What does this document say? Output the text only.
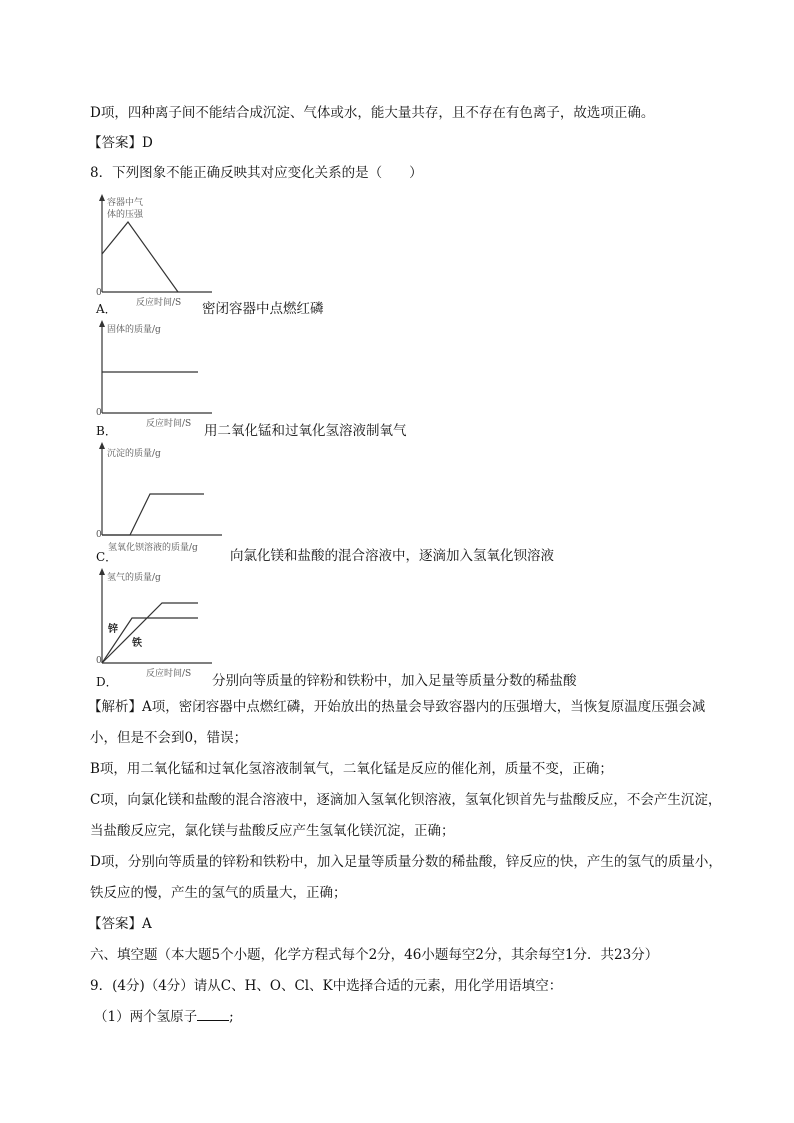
D项，四种离子间不能结合成沉淀、气体或水，能大量共存，且不存在有色离子，故选项正确。
【答案】D
8．下列图象不能正确反映其对应变化关系的是（　　）
容器中气
体的压强
0
反应时间/S
A．	密闭容器中点燃红磷
固体的质量/g
0
反应时间/S
B．	用二氧化锰和过氧化氢溶液制氧气
沉淀的质量/g
0
氢氧化钡溶液的质量/g
C．	向氯化镁和盐酸的混合溶液中，逐滴加入氢氧化钡溶液
氢气的质量/g
锌
铁
0
反应时间/S
D．	分别向等质量的锌粉和铁粉中，加入足量等质量分数的稀盐酸
【解析】A项，密闭容器中点燃红磷，开始放出的热量会导致容器内的压强增大，当恢复原温度压强会减
小，但是不会到0，错误；
B项，用二氧化锰和过氧化氢溶液制氧气，二氧化锰是反应的催化剂，质量不变，正确；
C项，向氯化镁和盐酸的混合溶液中，逐滴加入氢氧化钡溶液，氢氧化钡首先与盐酸反应，不会产生沉淀，
当盐酸反应完，氯化镁与盐酸反应产生氢氧化镁沉淀，正确；
D项，分别向等质量的锌粉和铁粉中，加入足量等质量分数的稀盐酸，锌反应的快，产生的氢气的质量小，
铁反应的慢，产生的氢气的质量大，正确；
【答案】A
六、填空题（本大题5个小题，化学方程式每个2分，46小题每空2分，其余每空1分．共23分）
9．(4分)（4分）请从C、H、O、Cl、K中选择合适的元素，用化学用语填空：
（1）两个氢原子 ;
